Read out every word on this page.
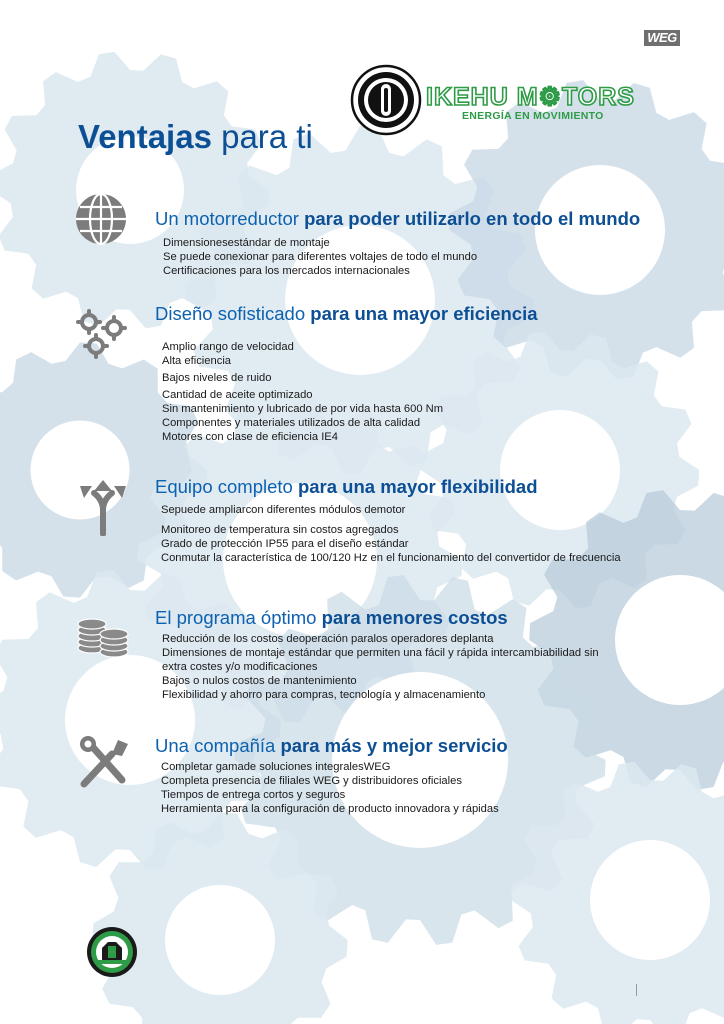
WEG
IKEHU M⚙TORS
ENERGÍA EN MOVIMIENTO
Ventajas para ti
Un motorreductor para poder utilizarlo en todo el mundo
Dimensionesestándar de montaje
Se puede conexionar para diferentes voltajes de todo el mundo
Certificaciones para los mercados internacionales
Diseño sofisticado para una mayor eficiencia
Amplio rango de velocidad
Alta eficiencia
Bajos niveles de ruido
Cantidad de aceite optimizado
Sin mantenimiento y lubricado de por vida hasta 600 Nm
Componentes y materiales utilizados de alta calidad
Motores con clase de eficiencia IE4
Equipo completo para una mayor flexibilidad
Sepuede ampliarcon diferentes módulos demotor
Monitoreo de temperatura sin costos agregados
Grado de protección IP55 para el diseño estándar
Conmutar la característica de 100/120 Hz en el funcionamiento del convertidor de frecuencia
El programa óptimo para menores costos
Reducción de los costos deoperación paralos operadores deplanta
Dimensiones de montaje estándar que permiten una fácil y rápida intercambiabilidad sin
extra costes y/o modificaciones
Bajos o nulos costos de mantenimiento
Flexibilidad y ahorro para compras, tecnología y almacenamiento
Una compañía para más y mejor servicio
Completar gamade soluciones integralesWEG
Completa presencia de filiales WEG y distribuidores oficiales
Tiempos de entrega cortos y seguros
Herramienta para la configuración de producto innovadora y rápidas
